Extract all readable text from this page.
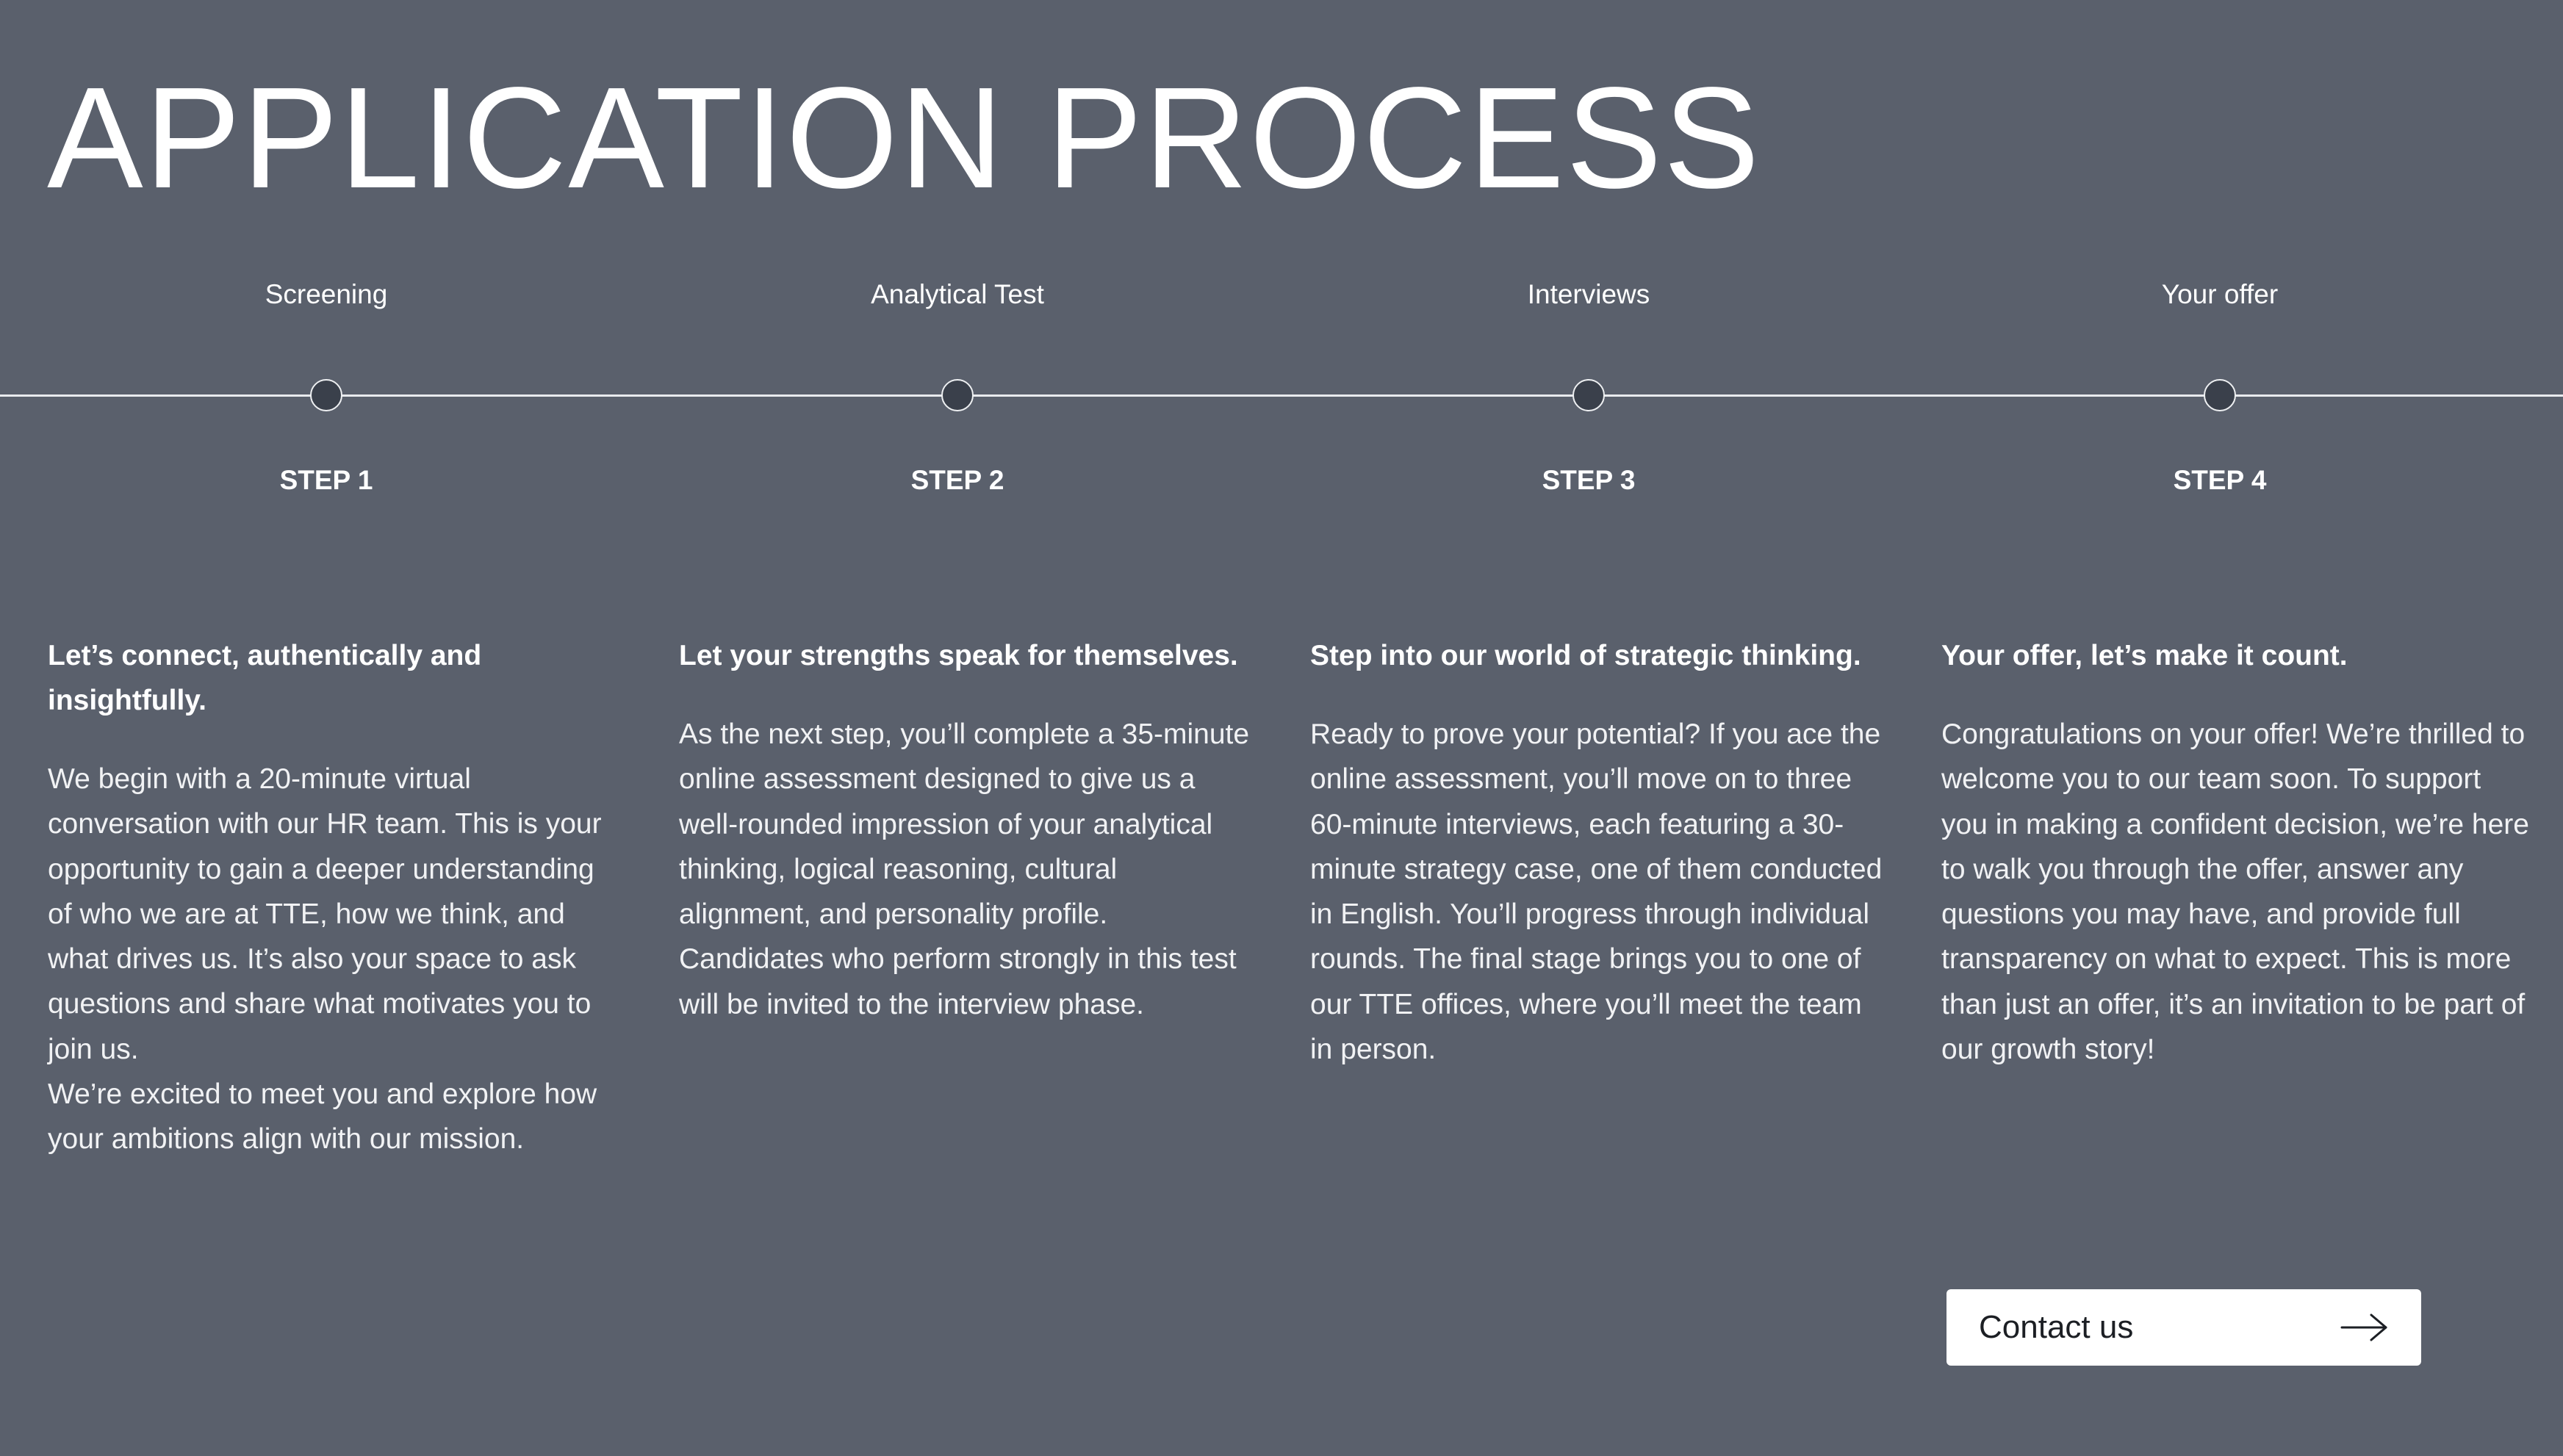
APPLICATION PROCESS
Screening
STEP 1
Analytical Test
STEP 2
Interviews
STEP 3
Your offer
STEP 4

Let’s connect, authentically and insightfully.

We begin with a 20-minute virtual conversation with our HR team. This is your opportunity to gain a deeper understanding of who we are at TTE, how we think, and what drives us. It’s also your space to ask questions and share what motivates you to join us.
We’re excited to meet you and explore how your ambitions align with our mission.

Let your strengths speak for themselves.

As the next step, you’ll complete a 35-minute online assessment designed to give us a well-rounded impression of your analytical thinking, logical reasoning, cultural alignment, and personality profile. Candidates who perform strongly in this test will be invited to the interview phase.

Step into our world of strategic thinking.

Ready to prove your potential? If you ace the online assessment, you’ll move on to three 60-minute interviews, each featuring a 30-minute strategy case, one of them conducted in English. You’ll progress through individual rounds. The final stage brings you to one of our TTE offices, where you’ll meet the team in person.

Your offer, let’s make it count.

Congratulations on your offer! We’re thrilled to welcome you to our team soon. To support you in making a confident decision, we’re here to walk you through the offer, answer any questions you may have, and provide full transparency on what to expect. This is more than just an offer, it’s an invitation to be part of our growth story!

Contact us
